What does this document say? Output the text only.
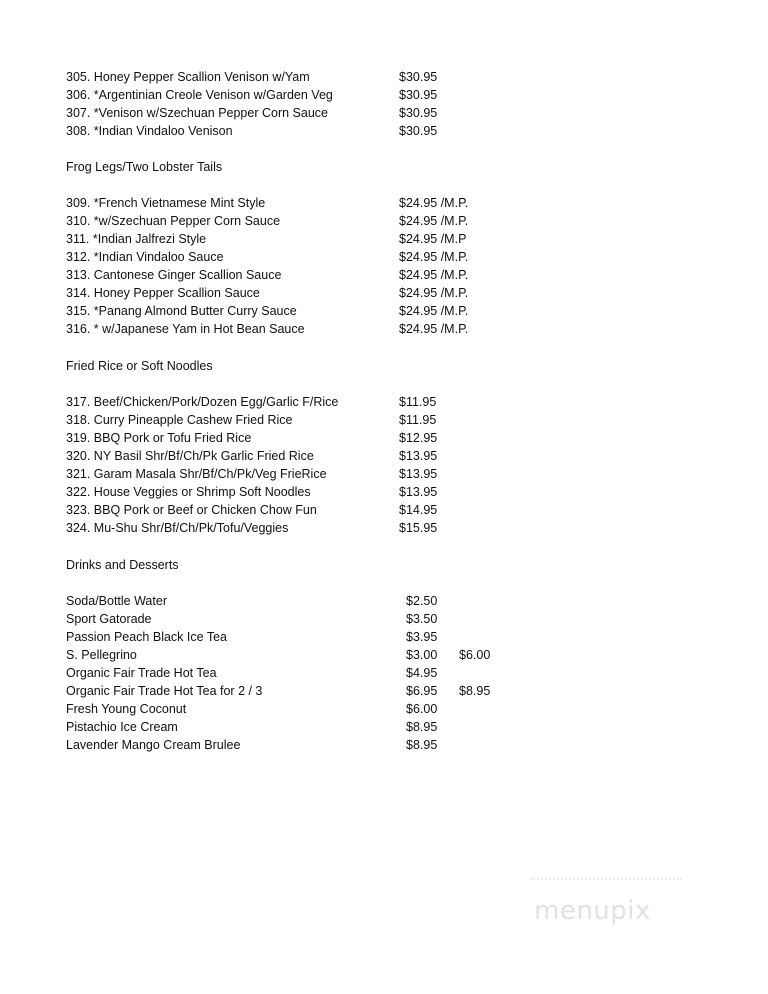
305. Honey Pepper Scallion Venison w/Yam	$30.95
306. *Argentinian Creole Venison w/Garden Veg	$30.95
307. *Venison w/Szechuan Pepper Corn Sauce	$30.95
308. *Indian Vindaloo Venison	$30.95
Frog Legs/Two Lobster Tails
309. *French Vietnamese Mint Style	$24.95 /M.P.
310. *w/Szechuan Pepper Corn Sauce	$24.95 /M.P.
311. *Indian Jalfrezi Style	$24.95 /M.P
312. *Indian Vindaloo Sauce	$24.95 /M.P.
313. Cantonese Ginger Scallion Sauce	$24.95 /M.P.
314. Honey Pepper Scallion Sauce	$24.95 /M.P.
315. *Panang Almond Butter Curry Sauce	$24.95 /M.P.
316. * w/Japanese Yam in Hot Bean Sauce	$24.95 /M.P.
Fried Rice or Soft Noodles
317. Beef/Chicken/Pork/Dozen Egg/Garlic F/Rice	$11.95
318. Curry Pineapple Cashew Fried Rice	$11.95
319. BBQ Pork or Tofu Fried Rice	$12.95
320. NY Basil Shr/Bf/Ch/Pk Garlic Fried Rice	$13.95
321. Garam Masala Shr/Bf/Ch/Pk/Veg FrieRice	$13.95
322. House Veggies or Shrimp Soft Noodles	$13.95
323. BBQ Pork or Beef or Chicken Chow Fun	$14.95
324. Mu-Shu Shr/Bf/Ch/Pk/Tofu/Veggies	$15.95
Drinks and Desserts
Soda/Bottle Water	$2.50
Sport Gatorade	$3.50
Passion Peach Black Ice Tea	$3.95
S. Pellegrino	$3.00 $6.00
Organic Fair Trade Hot Tea	$4.95
Organic Fair Trade Hot Tea for 2 / 3	$6.95 $8.95
Fresh Young Coconut	$6.00
Pistachio Ice Cream	$8.95
Lavender Mango Cream Brulee	$8.95
menupix
